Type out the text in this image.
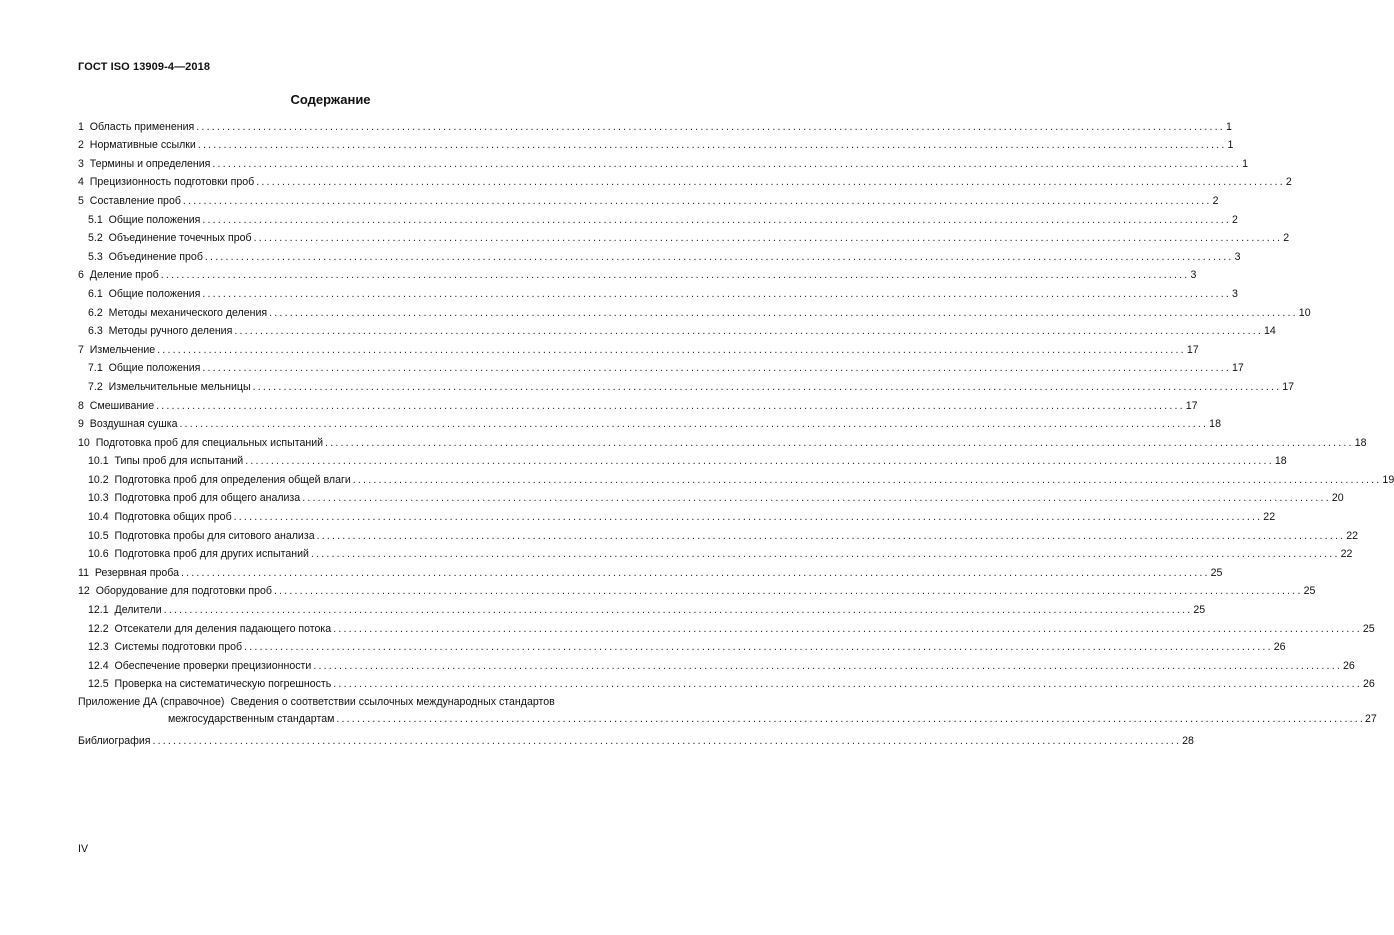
ГОСТ ISO 13909-4—2018
Содержание
1 Область применения ........................................................................................................................................................................................................ 1
2 Нормативные ссылки ........................................................................................................................................................................................................ 1
3 Термины и определения ........................................................................................................................................................................................................ 1
4 Прецизионность подготовки проб ........................................................................................................................................................................................................ 2
5 Составление проб ........................................................................................................................................................................................................ 2
5.1 Общие положения ........................................................................................................................................................................................................ 2
5.2 Объединение точечных проб ........................................................................................................................................................................................................ 2
5.3 Объединение проб ........................................................................................................................................................................................................ 3
6 Деление проб ........................................................................................................................................................................................................ 3
6.1 Общие положения ........................................................................................................................................................................................................ 3
6.2 Методы механического деления ........................................................................................................................................................................................................ 10
6.3 Методы ручного деления ........................................................................................................................................................................................................ 14
7 Измельчение ........................................................................................................................................................................................................ 17
7.1 Общие положения ........................................................................................................................................................................................................ 17
7.2 Измельчительные мельницы ........................................................................................................................................................................................................ 17
8 Смешивание ........................................................................................................................................................................................................ 17
9 Воздушная сушка ........................................................................................................................................................................................................ 18
10 Подготовка проб для специальных испытаний ........................................................................................................................................................................................................ 18
10.1 Типы проб для испытаний ........................................................................................................................................................................................................ 18
10.2 Подготовка проб для определения общей влаги ........................................................................................................................................................................................................ 19
10.3 Подготовка проб для общего анализа ........................................................................................................................................................................................................ 20
10.4 Подготовка общих проб ........................................................................................................................................................................................................ 22
10.5 Подготовка пробы для ситового анализа ........................................................................................................................................................................................................ 22
10.6 Подготовка проб для других испытаний ........................................................................................................................................................................................................ 22
11 Резервная проба ........................................................................................................................................................................................................ 25
12 Оборудование для подготовки проб ........................................................................................................................................................................................................ 25
12.1 Делители ........................................................................................................................................................................................................ 25
12.2 Отсекатели для деления падающего потока ........................................................................................................................................................................................................ 25
12.3 Системы подготовки проб ........................................................................................................................................................................................................ 26
12.4 Обеспечение проверки прецизионности ........................................................................................................................................................................................................ 26
12.5 Проверка на систематическую погрешность ........................................................................................................................................................................................................ 26
Приложение ДА (справочное) Сведения о соответствии ссылочных международных стандартов
межгосударственным стандартам ........................................................................................................................................................................................................ 27
Библиография ........................................................................................................................................................................................................ 28
IV
